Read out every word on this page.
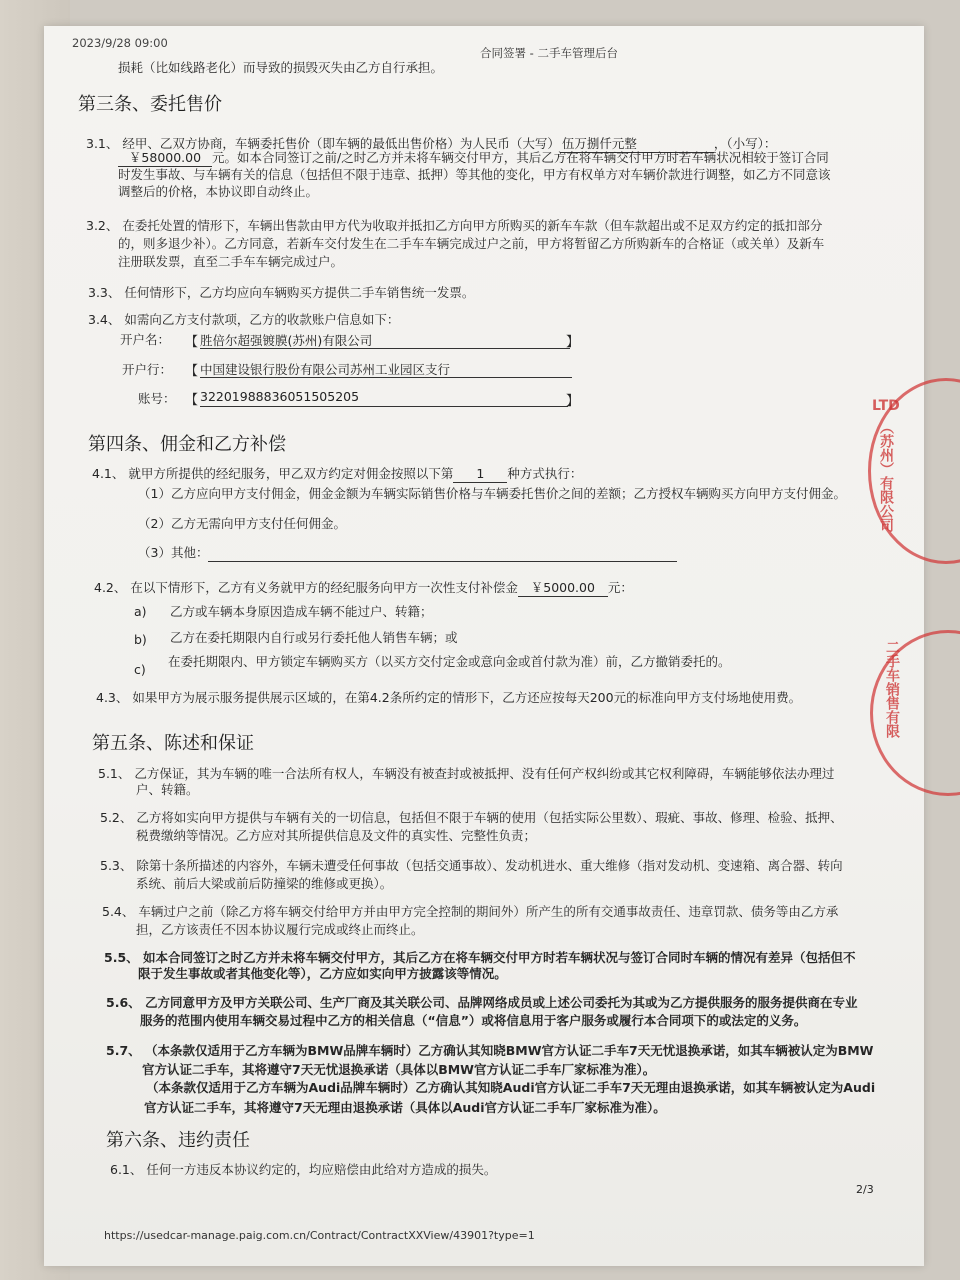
2023/9/28 09:00
合同签署 - 二手车管理后台
损耗（比如线路老化）而导致的损毁灭失由乙方自行承担。
第三条、委托售价
3.1、 经甲、乙双方协商，车辆委托售价（即车辆的最低出售价格）为人民币（大写） 伍万捌仟元整	，（小写）：
￥58000.00 元。如本合同签订之前/之时乙方并未将车辆交付甲方，其后乙方在将车辆交付甲方时若车辆状况相较于签订合同
时发生事故、与车辆有关的信息（包括但不限于违章、抵押）等其他的变化，甲方有权单方对车辆价款进行调整，如乙方不同意该
调整后的价格，本协议即自动终止。
3.2、 在委托处置的情形下，车辆出售款由甲方代为收取并抵扣乙方向甲方所购买的新车车款（但车款超出或不足双方约定的抵扣部分
的，则多退少补）。乙方同意，若新车交付发生在二手车车辆完成过户之前，甲方将暂留乙方所购新车的合格证（或关单）及新车
注册联发票，直至二手车车辆完成过户。
3.3、 任何情形下，乙方均应向车辆购买方提供二手车销售统一发票。
3.4、 如需向乙方支付款项，乙方的收款账户信息如下：
开户名： 【 胜倍尔超强镀膜(苏州)有限公司	】
开户行： 【 中国建设银行股份有限公司苏州工业园区支行
账号： 【 32201988836051505205	】
第四条、佣金和乙方补偿
4.1、 就甲方所提供的经纪服务，甲乙双方约定对佣金按照以下第 1 种方式执行：
（1）乙方应向甲方支付佣金，佣金金额为车辆实际销售价格与车辆委托售价之间的差额；乙方授权车辆购买方向甲方支付佣金。
（2）乙方无需向甲方支付任何佣金。
（3）其他：
4.2、 在以下情形下，乙方有义务就甲方的经纪服务向甲方一次性支付补偿金 ￥5000.00 元：
a) 乙方或车辆本身原因造成车辆不能过户、转籍；
b) 乙方在委托期限内自行或另行委托他人销售车辆；或
c)
在委托期限内、甲方锁定车辆购买方（以买方交付定金或意向金或首付款为准）前，乙方撤销委托的。
4.3、 如果甲方为展示服务提供展示区域的，在第4.2条所约定的情形下，乙方还应按每天200元的标准向甲方支付场地使用费。
第五条、陈述和保证
5.1、 乙方保证，其为车辆的唯一合法所有权人，车辆没有被查封或被抵押、没有任何产权纠纷或其它权利障碍，车辆能够依法办理过
户、转籍。
5.2、 乙方将如实向甲方提供与车辆有关的一切信息，包括但不限于车辆的使用（包括实际公里数）、瑕疵、事故、修理、检验、抵押、
税费缴纳等情况。乙方应对其所提供信息及文件的真实性、完整性负责；
5.3、 除第十条所描述的内容外，车辆未遭受任何事故（包括交通事故）、发动机进水、重大维修（指对发动机、变速箱、离合器、转向
系统、前后大梁或前后防撞梁的维修或更换）。
5.4、 车辆过户之前（除乙方将车辆交付给甲方并由甲方完全控制的期间外）所产生的所有交通事故责任、违章罚款、债务等由乙方承
担，乙方该责任不因本协议履行完成或终止而终止。
5.5、 如本合同签订之时乙方并未将车辆交付甲方，其后乙方在将车辆交付甲方时若车辆状况与签订合同时车辆的情况有差异（包括但不
限于发生事故或者其他变化等），乙方应如实向甲方披露该等情况。
5.6、 乙方同意甲方及甲方关联公司、生产厂商及其关联公司、品牌网络成员或上述公司委托为其或为乙方提供服务的服务提供商在专业
服务的范围内使用车辆交易过程中乙方的相关信息（“信息”）或将信息用于客户服务或履行本合同项下的或法定的义务。
5.7、 （本条款仅适用于乙方车辆为BMW品牌车辆时）乙方确认其知晓BMW官方认证二手车7天无忧退换承诺，如其车辆被认定为BMW
官方认证二手车，其将遵守7天无忧退换承诺（具体以BMW官方认证二手车厂家标准为准）。
（本条款仅适用于乙方车辆为Audi品牌车辆时）乙方确认其知晓Audi官方认证二手车7天无理由退换承诺，如其车辆被认定为Audi
官方认证二手车，其将遵守7天无理由退换承诺（具体以Audi官方认证二手车厂家标准为准）。
第六条、违约责任
6.1、 任何一方违反本协议约定的，均应赔偿由此给对方造成的损失。
2/3
https://usedcar-manage.paig.com.cn/Contract/ContractXXView/43901?type=1
LTD
（苏州）有限公司
二手车销售有限
